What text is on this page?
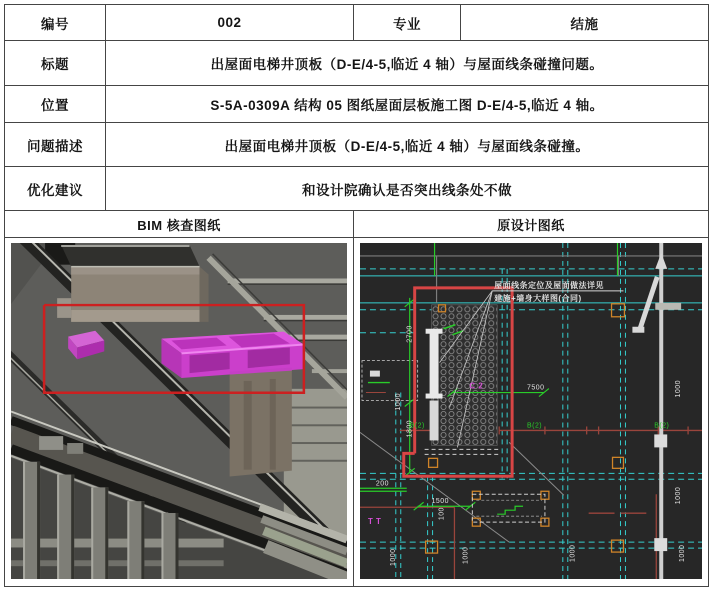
编号	002	专业	结施
标题	出屋面电梯井顶板（D-E/4-5,临近 4 轴）与屋面线条碰撞问题。
位置	S-5A-0309A 结构 05 图纸屋面层板施工图 D-E/4-5,临近 4 轴。
问题描述	出屋面电梯井顶板（D-E/4-5,临近 4 轴）与屋面线条碰撞。
优化建议	和设计院确认是否突出线条处不做
BIM 核查图纸	原设计图纸
屋面线条定位及屋面做法详见
建施+墙身大样图(合同)
2700
1800
1000
1000	1000	1000	1000
1000
1000
100
7500
1500
200
B(2)	B(2)	B(2)
C 2
T T
